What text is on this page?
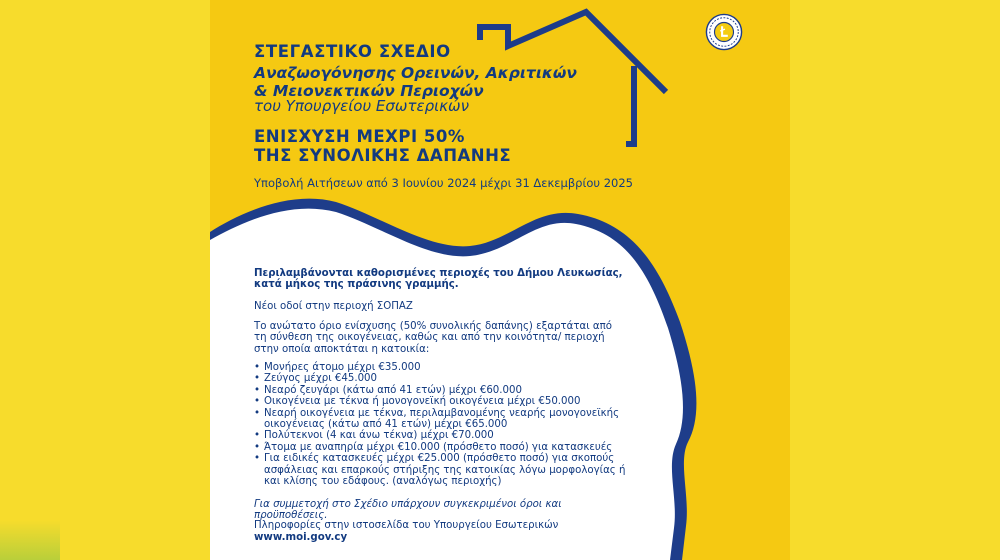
ΣΤΕΓΑΣΤΙΚΟ ΣΧΕΔΙΟ

Αναζωογόνησης Ορεινών, Ακριτικών
& Μειονεκτικών Περιοχών

του Υπουργείου Εσωτερικών

ΕΝΙΣΧΥΣΗ ΜΕΧΡΙ 50%
ΤΗΣ ΣΥΝΟΛΙΚΗΣ ΔΑΠΑΝΗΣ

Υποβολή Αιτήσεων από 3 Ιουνίου 2024 μέχρι 31 Δεκεμβρίου 2025

Περιλαμβάνονται καθορισμένες περιοχές του Δήμου Λευκωσίας, κατά μήκος της πράσινης γραμμής.

Νέοι οδοί στην περιοχή ΣΟΠΑΖ

Το ανώτατο όριο ενίσχυσης (50% συνολικής δαπάνης) εξαρτάται από τη σύνθεση της οικογένειας, καθώς και από την κοινότητα/ περιοχή στην οποία αποκτάται η κατοικία:

• Μονήρες άτομο μέχρι €35.000
• Ζεύγος μέχρι €45.000
• Νεαρό ζευγάρι (κάτω από 41 ετών) μέχρι €60.000
• Οικογένεια με τέκνα ή μονογονεϊκή οικογένεια μέχρι €50.000
• Νεαρή οικογένεια με τέκνα, περιλαμβανομένης νεαρής μονογονεϊκής οικογένειας (κάτω από 41 ετών) μέχρι €65.000
• Πολύτεκνοι (4 και άνω τέκνα) μέχρι €70.000
• Άτομα με αναπηρία μέχρι €10.000 (πρόσθετο ποσό) για κατασκευές
• Για ειδικές κατασκευές μέχρι €25.000 (πρόσθετο ποσό) για σκοπούς ασφάλειας και επαρκούς στήριξης της κατοικίας λόγω μορφολογίας ή και κλίσης του εδάφους. (αναλόγως περιοχής)

Για συμμετοχή στο Σχέδιο υπάρχουν συγκεκριμένοι όροι και προϋποθέσεις.

Πληροφορίες στην ιστοσελίδα του Υπουργείου Εσωτερικών

www.moi.gov.cy
